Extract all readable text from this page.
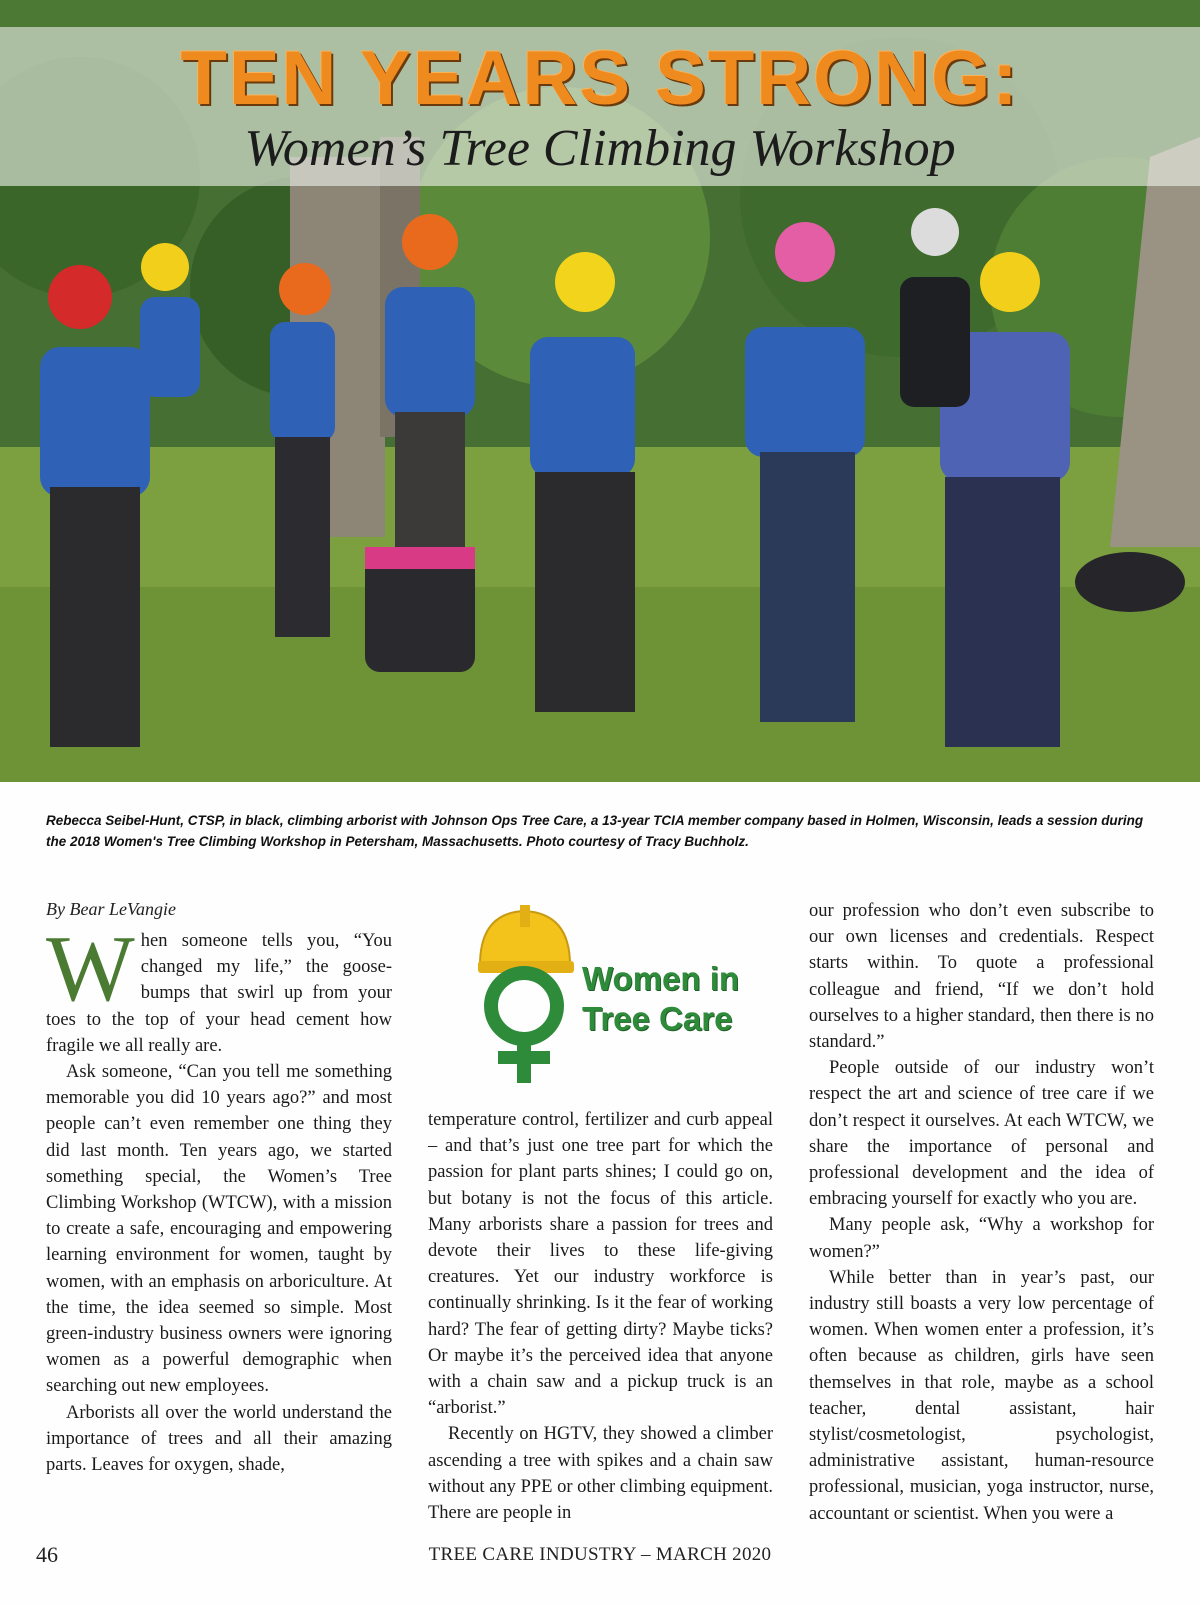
TEN YEARS STRONG:
Women’s Tree Climbing Workshop
Rebecca Seibel-Hunt, CTSP, in black, climbing arborist with Johnson Ops Tree Care, a 13-year TCIA member company based in Holmen, Wisconsin, leads a session during the 2018 Women's Tree Climbing Workshop in Petersham, Massachusetts. Photo courtesy of Tracy Buchholz.
By Bear LeVangie

When someone tells you, “You changed my life,” the goose-bumps that swirl up from your toes to the top of your head cement how fragile we all really are.

Ask someone, “Can you tell me something memorable you did 10 years ago?” and most people can’t even remember one thing they did last month. Ten years ago, we started something special, the Women’s Tree Climbing Workshop (WTCW), with a mission to create a safe, encouraging and empowering learning environment for women, taught by women, with an emphasis on arboriculture. At the time, the idea seemed so simple. Most green-industry business owners were ignoring women as a powerful demographic when searching out new employees.

Arborists all over the world understand the importance of trees and all their amazing parts. Leaves for oxygen, shade,

Women in
Tree Care

temperature control, fertilizer and curb appeal – and that’s just one tree part for which the passion for plant parts shines; I could go on, but botany is not the focus of this article. Many arborists share a passion for trees and devote their lives to these life-giving creatures. Yet our industry workforce is continually shrinking. Is it the fear of working hard? The fear of getting dirty? Maybe ticks? Or maybe it’s the perceived idea that anyone with a chain saw and a pickup truck is an “arborist.”

Recently on HGTV, they showed a climber ascending a tree with spikes and a chain saw without any PPE or other climbing equipment. There are people in

our profession who don’t even subscribe to our own licenses and credentials. Respect starts within. To quote a professional colleague and friend, “If we don’t hold ourselves to a higher standard, then there is no standard.”

People outside of our industry won’t respect the art and science of tree care if we don’t respect it ourselves. At each WTCW, we share the importance of personal and professional development and the idea of embracing yourself for exactly who you are.

Many people ask, “Why a workshop for women?”

While better than in year’s past, our industry still boasts a very low percentage of women. When women enter a profession, it’s often because as children, girls have seen themselves in that role, maybe as a school teacher, dental assistant, hair stylist/cosmetologist, psychologist, administrative assistant, human-resource professional, musician, yoga instructor, nurse, accountant or scientist. When you were a

46	TREE CARE INDUSTRY – MARCH 2020
